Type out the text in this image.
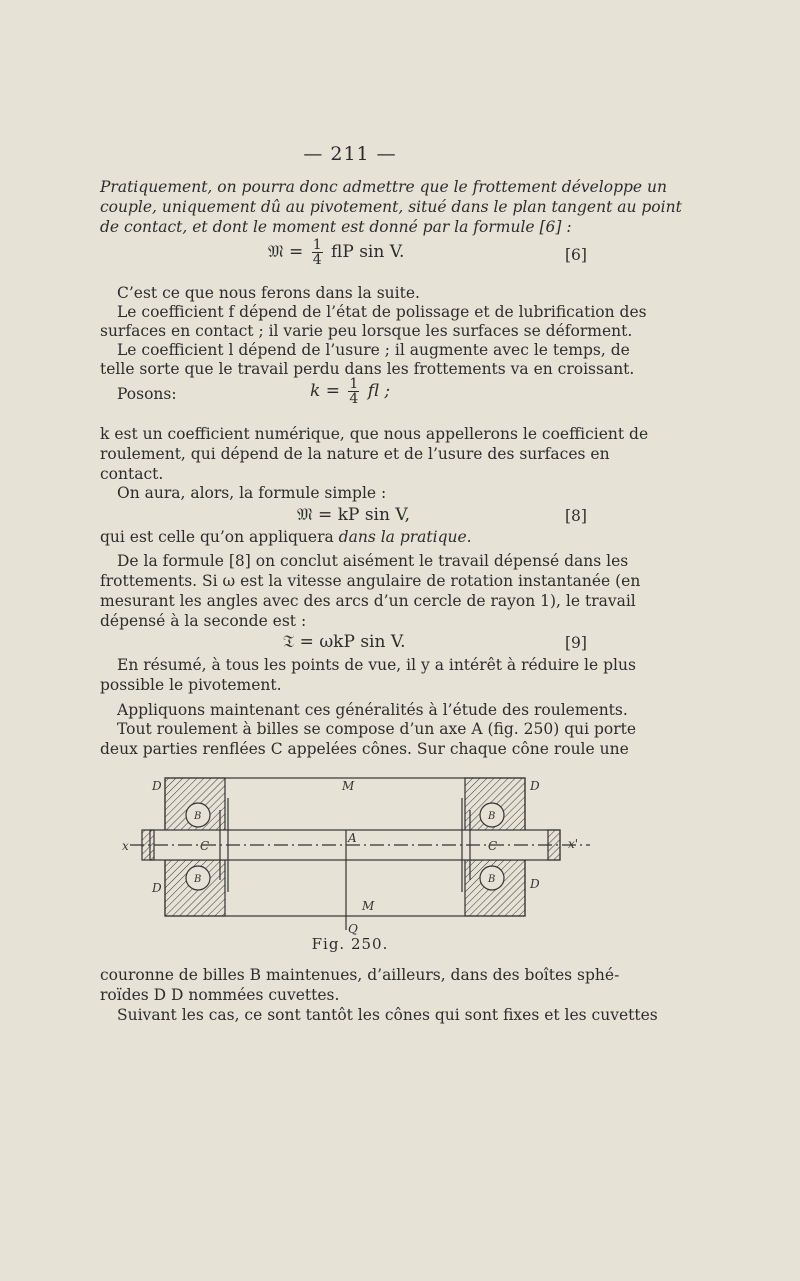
— 211 —
Pratiquement, on pourra donc admettre que le frottement développe un
couple, uniquement dû au pivotement, situé dans le plan tangent au point
de contact, et dont le moment est donné par la formule [6] :
𝔐 = $\frac{1}{4}$ flP sin V.	[6]
C’est ce que nous ferons dans la suite.
Le coefficient f dépend de l’état de polissage et de lubrification des
surfaces en contact ; il varie peu lorsque les surfaces se déforment.
Le coefficient l dépend de l’usure ; il augmente avec le temps, de
telle sorte que le travail perdu dans les frottements va en croissant.
Posons:	$k = \frac{1}{4}$ fl ;
k est un coefficient numérique, que nous appellerons le coefficient de
roulement, qui dépend de la nature et de l’usure des surfaces en
contact.
On aura, alors, la formule simple :
𝔐 = kP sin V,	[8]
qui est celle qu’on appliquera dans la pratique.
De la formule [8] on conclut aisément le travail dépensé dans les
frottements. Si ω est la vitesse angulaire de rotation instantanée (en
mesurant les angles avec des arcs d’un cercle de rayon 1), le travail
dépensé à la seconde est :
𝔗 = ωkP sin V.	[9]
En résumé, à tous les points de vue, il y a intérêt à réduire le plus
possible le pivotement.
Appliquons maintenant ces généralités à l’étude des roulements.
Tout roulement à billes se compose d’un axe A (fig. 250) qui porte
deux parties renflées C appelées cônes. Sur chaque cône roule une
D	D
D	D
M
M
B	B
B	B
x	x'
C	C
A
Q
Fig. 250.
couronne de billes B maintenues, d’ailleurs, dans des boîtes sphé-
roïdes D D nommées cuvettes.
Suivant les cas, ce sont tantôt les cônes qui sont fixes et les cuvettes
